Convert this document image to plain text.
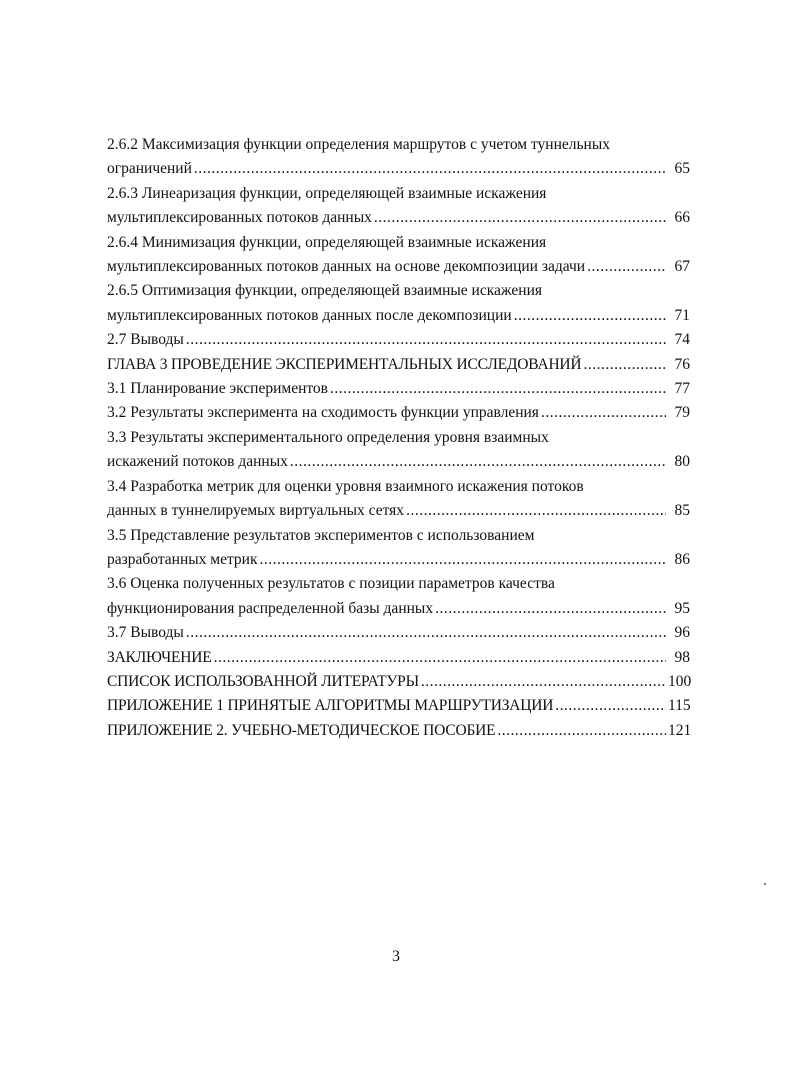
2.6.2 Максимизация функции определения маршрутов с учетом туннельных
ограничений .....	65
2.6.3 Линеаризация функции, определяющей взаимные искажения
мультиплексированных потоков данных .....	66
2.6.4 Минимизация функции, определяющей взаимные искажения
мультиплексированных потоков данных на основе декомпозиции задачи .....	67
2.6.5 Оптимизация функции, определяющей взаимные искажения
мультиплексированных потоков данных после декомпозиции .....	71
2.7 Выводы .....	74
ГЛАВА 3 ПРОВЕДЕНИЕ ЭКСПЕРИМЕНТАЛЬНЫХ ИССЛЕДОВАНИЙ .....	76
3.1 Планирование экспериментов .....	77
3.2 Результаты эксперимента на сходимость функции управления .....	79
3.3 Результаты экспериментального определения уровня взаимных
искажений потоков данных .....	80
3.4 Разработка метрик для оценки уровня взаимного искажения потоков
данных в туннелируемых виртуальных сетях .....	85
3.5 Представление результатов экспериментов с использованием
разработанных метрик .....	86
3.6 Оценка полученных результатов с позиции параметров качества
функционирования распределенной базы данных .....	95
3.7 Выводы .....	96
ЗАКЛЮЧЕНИЕ .....	98
СПИСОК ИСПОЛЬЗОВАННОЙ ЛИТЕРАТУРЫ .....	100
ПРИЛОЖЕНИЕ 1 ПРИНЯТЫЕ АЛГОРИТМЫ МАРШРУТИЗАЦИИ .....	115
ПРИЛОЖЕНИЕ 2. УЧЕБНО-МЕТОДИЧЕСКОЕ ПОСОБИЕ .....	121
3
